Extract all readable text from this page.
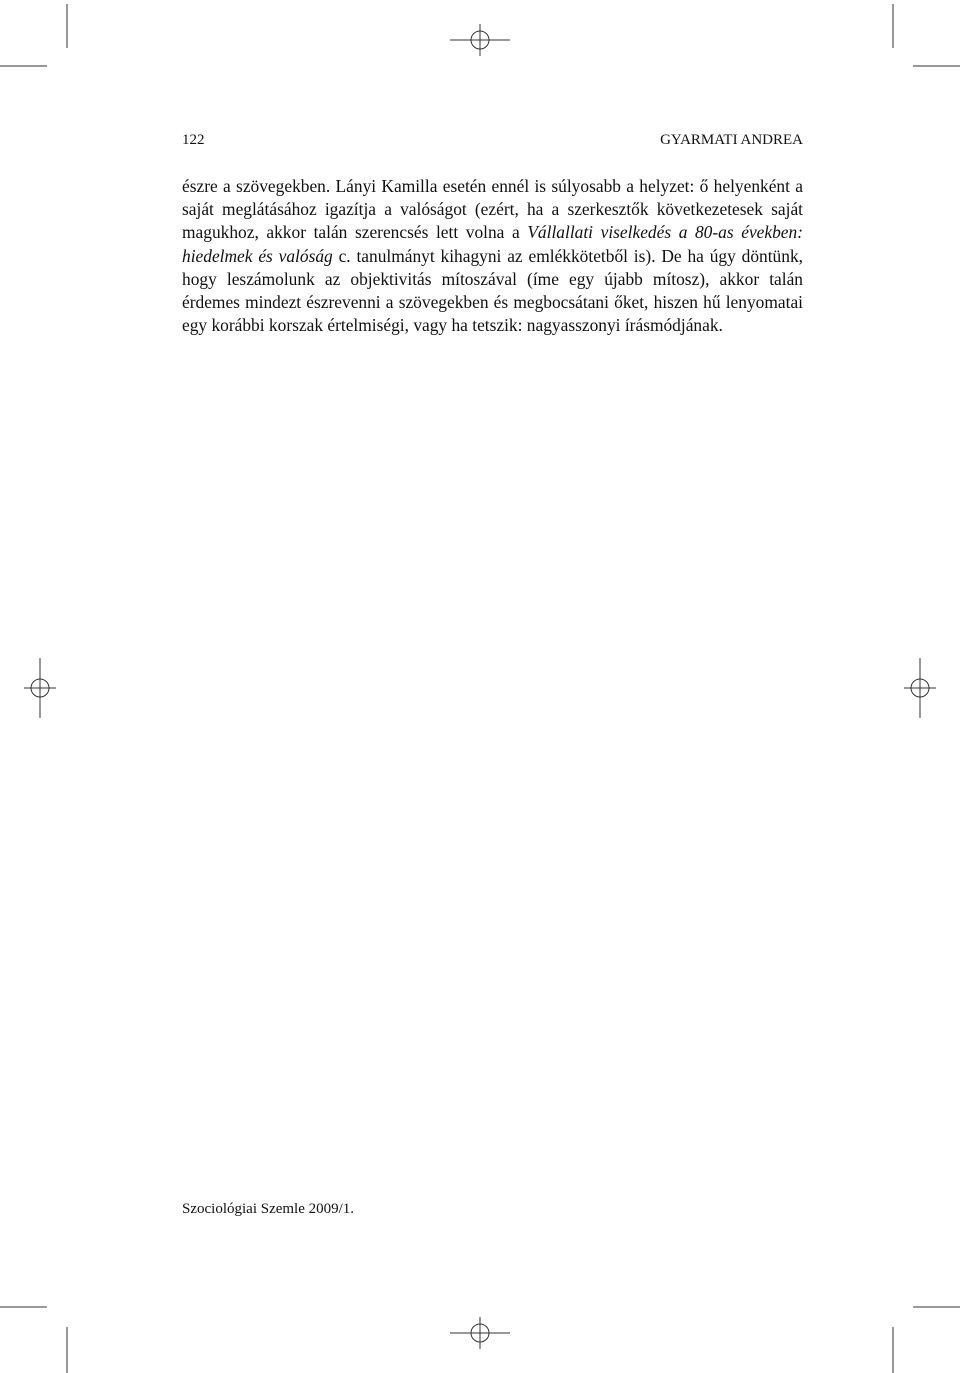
122	GYARMATI ANDREA

észre a szövegekben. Lányi Kamilla esetén ennél is súlyosabb a helyzet: ő helyenként a saját meglátásához igazítja a valóságot (ezért, ha a szerkesztők következetesek saját magukhoz, akkor talán szerencsés lett volna a Vállallati viselkedés a 80-as években: hiedelmek és valóság c. tanulmányt kihagyni az emlékkötetből is). De ha úgy döntünk, hogy leszámolunk az objektivitás mítoszával (íme egy újabb mítosz), akkor talán érdemes mindezt észrevenni a szövegekben és megbocsátani őket, hiszen hű lenyomatai egy korábbi korszak értelmiségi, vagy ha tetszik: nagyasszonyi írásmódjának.

Szociológiai Szemle 2009/1.
